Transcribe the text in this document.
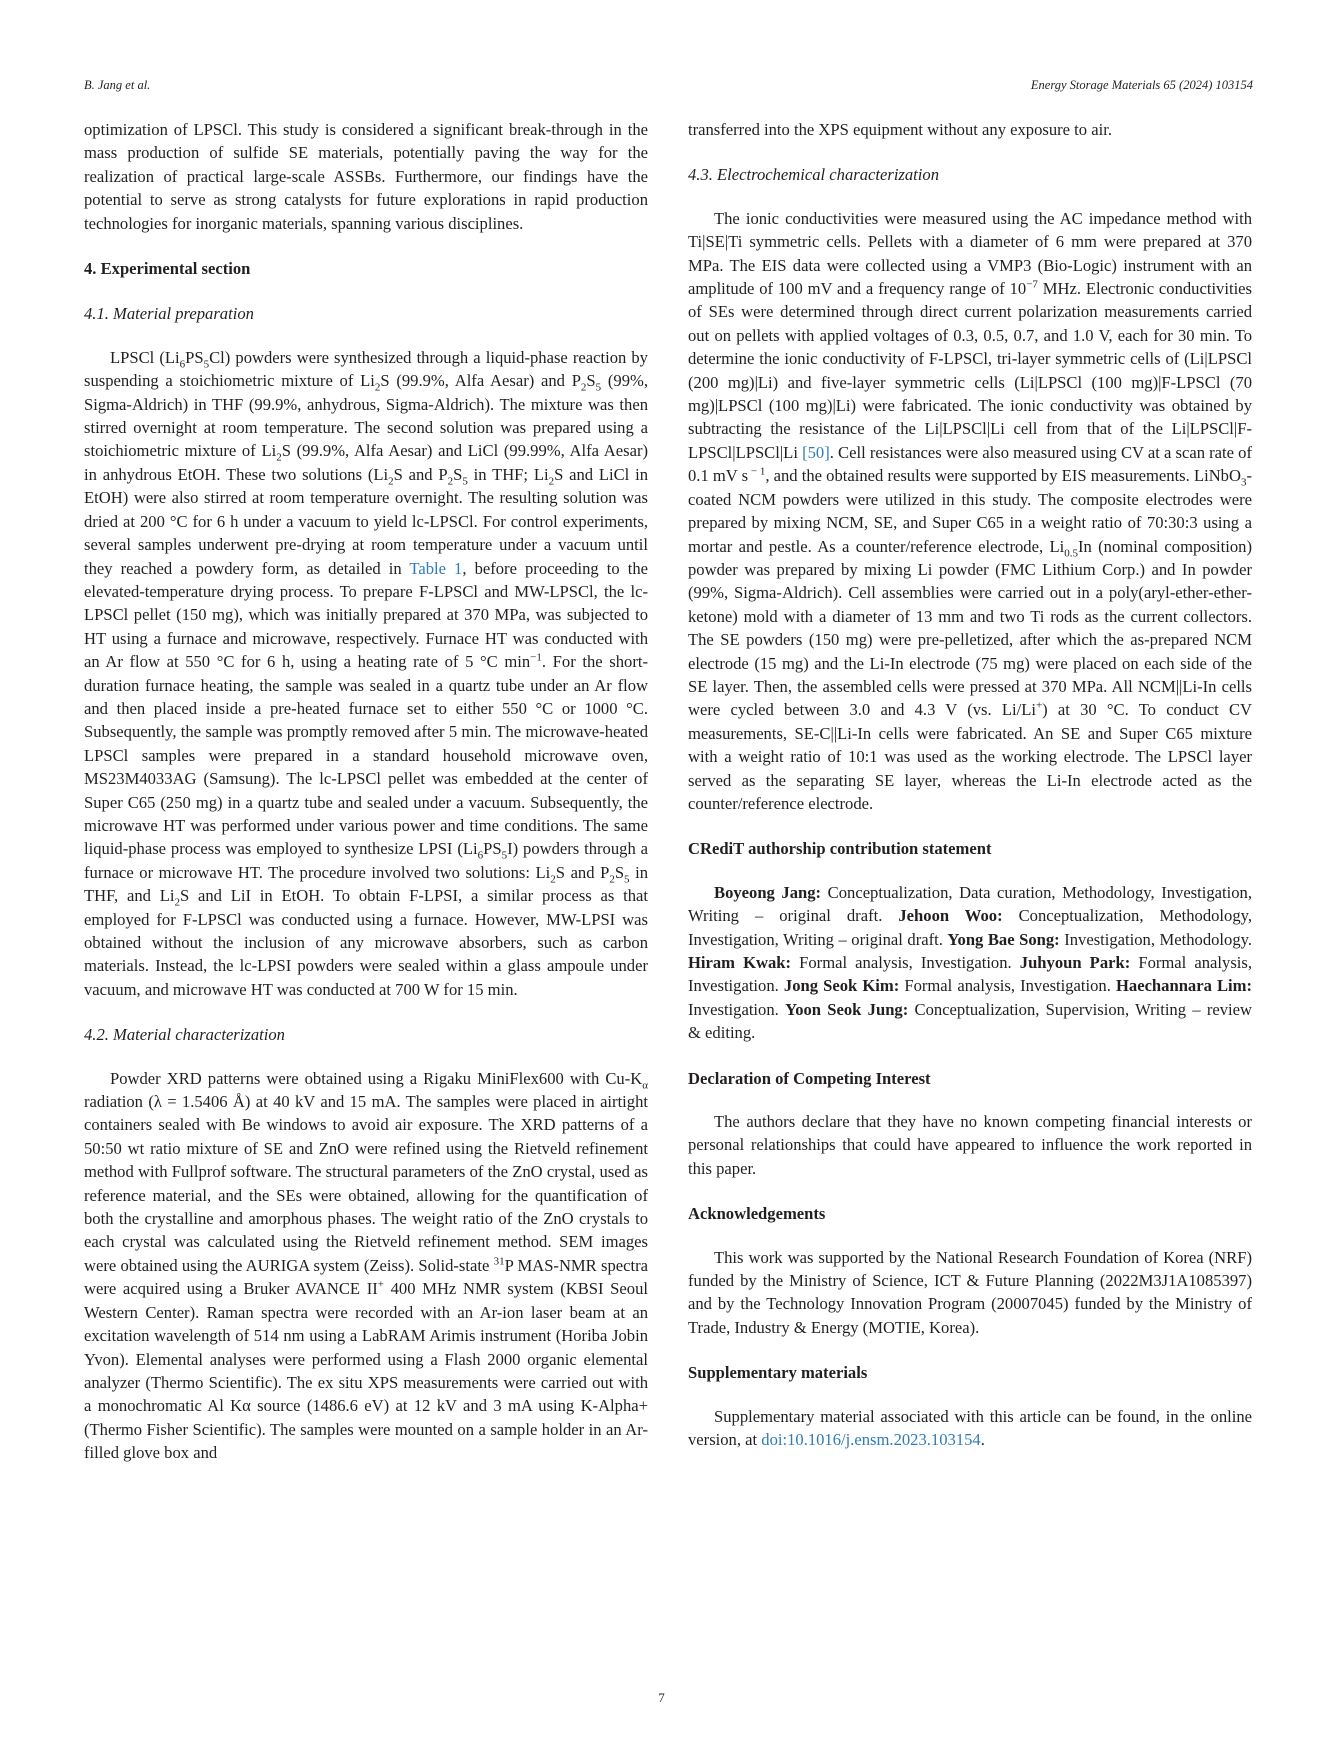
B. Jang et al.	Energy Storage Materials 65 (2024) 103154

optimization of LPSCl. This study is considered a significant break-through in the mass production of sulfide SE materials, potentially paving the way for the realization of practical large-scale ASSBs. Furthermore, our findings have the potential to serve as strong catalysts for future explorations in rapid production technologies for inorganic materials, spanning various disciplines.

4. Experimental section
4.1. Material preparation

LPSCl $(Li_6PS_5Cl)$ powders were synthesized through a liquid-phase reaction by suspending a stoichiometric mixture of $Li_2S$ (99.9%, Alfa Aesar) and $P_2S_5$ (99%, Sigma-Aldrich) in THF (99.9%, anhydrous, Sigma-Aldrich). The mixture was then stirred overnight at room temperature. The second solution was prepared using a stoichiometric mixture of $Li_2S$ (99.9%, Alfa Aesar) and LiCl (99.99%, Alfa Aesar) in anhydrous EtOH. These two solutions ($Li_2S$ and $P_2S_5$ in THF; $Li_2S$ and LiCl in EtOH) were also stirred at room temperature overnight. The resulting solution was dried at 200 °C for 6 h under a vacuum to yield lc-LPSCl. For control experiments, several samples underwent pre-drying at room temperature under a vacuum until they reached a powdery form, as detailed in Table 1, before proceeding to the elevated-temperature drying process. To prepare F-LPSCl and MW-LPSCl, the lc-LPSCl pellet (150 mg), which was initially prepared at 370 MPa, was subjected to HT using a furnace and microwave, respectively. Furnace HT was conducted with an Ar flow at 550 °C for 6 h, using a heating rate of 5 °C $\min^{-1}$. For the short-duration furnace heating, the sample was sealed in a quartz tube under an Ar flow and then placed inside a pre-heated furnace set to either 550 °C or 1000 °C. Subsequently, the sample was promptly removed after 5 min. The microwave-heated LPSCl samples were prepared in a standard household microwave oven, MS23M4033AG (Samsung). The lc-LPSCl pellet was embedded at the center of Super C65 (250 mg) in a quartz tube and sealed under a vacuum. Subsequently, the microwave HT was performed under various power and time conditions. The same liquid-phase process was employed to synthesize LPSI $(Li_6PS_5I)$ powders through a furnace or microwave HT. The procedure involved two solutions: $Li_2S$ and $P_2S_5$ in THF, and $Li_2S$ and LiI in EtOH. To obtain F-LPSI, a similar process as that employed for F-LPSCl was conducted using a furnace. However, MW-LPSI was obtained without the inclusion of any microwave absorbers, such as carbon materials. Instead, the lc-LPSI powders were sealed within a glass ampoule under vacuum, and microwave HT was conducted at 700 W for 15 min.

4.2. Material characterization

Powder XRD patterns were obtained using a Rigaku MiniFlex600 with $Cu-K_\alpha$ radiation (λ = 1.5406 Å) at 40 kV and 15 mA. The samples were placed in airtight containers sealed with Be windows to avoid air exposure. The XRD patterns of a 50:50 wt ratio mixture of SE and ZnO were refined using the Rietveld refinement method with Fullprof software. The structural parameters of the ZnO crystal, used as reference material, and the SEs were obtained, allowing for the quantification of both the crystalline and amorphous phases. The weight ratio of the ZnO crystals to each crystal was calculated using the Rietveld refinement method. SEM images were obtained using the AURIGA system (Zeiss). Solid-state $^{31}$P MAS-NMR spectra were acquired using a Bruker AVANCE II+ 400 MHz NMR system (KBSI Seoul Western Center). Raman spectra were recorded with an Ar-ion laser beam at an excitation wavelength of 514 nm using a LabRAM Arimis instrument (Horiba Jobin Yvon). Elemental analyses were performed using a Flash 2000 organic elemental analyzer (Thermo Scientific). The ex situ XPS measurements were carried out with a monochromatic Al Kα source (1486.6 eV) at 12 kV and 3 mA using K-Alpha+ (Thermo Fisher Scientific). The samples were mounted on a sample holder in an Ar-filled glove box and

transferred into the XPS equipment without any exposure to air.

4.3. Electrochemical characterization

The ionic conductivities were measured using the AC impedance method with Ti|SE|Ti symmetric cells. Pellets with a diameter of 6 mm were prepared at 370 MPa. The EIS data were collected using a VMP3 (Bio-Logic) instrument with an amplitude of 100 mV and a frequency range of $10^{-7}$ MHz. Electronic conductivities of SEs were determined through direct current polarization measurements carried out on pellets with applied voltages of 0.3, 0.5, 0.7, and 1.0 V, each for 30 min. To determine the ionic conductivity of F-LPSCl, tri-layer symmetric cells of (Li|LPSCl (200 mg)|Li) and five-layer symmetric cells (Li|LPSCl (100 mg)|F-LPSCl (70 mg)|LPSCl (100 mg)|Li) were fabricated. The ionic conductivity was obtained by subtracting the resistance of the Li|LPSCl|Li cell from that of the Li|LPSCl|F-LPSCl|LPSCl|Li [50]. Cell resistances were also measured using CV at a scan rate of 0.1 mV s $^{- 1}$, and the obtained results were supported by EIS measurements. LiNbO$_3$-coated NCM powders were utilized in this study. The composite electrodes were prepared by mixing NCM, SE, and Super C65 in a weight ratio of 70:30:3 using a mortar and pestle. As a counter/reference electrode, $Li_{0.5}In$ (nominal composition) powder was prepared by mixing Li powder (FMC Lithium Corp.) and In powder (99%, Sigma-Aldrich). Cell assemblies were carried out in a poly(aryl-ether-ether-ketone) mold with a diameter of 13 mm and two Ti rods as the current collectors. The SE powders (150 mg) were pre-pelletized, after which the as-prepared NCM electrode (15 mg) and the Li-In electrode (75 mg) were placed on each side of the SE layer. Then, the assembled cells were pressed at 370 MPa. All NCM||Li-In cells were cycled between 3.0 and 4.3 V (vs. Li/Li+) at 30 °C. To conduct CV measurements, SE-C||Li-In cells were fabricated. An SE and Super C65 mixture with a weight ratio of 10:1 was used as the working electrode. The LPSCl layer served as the separating SE layer, whereas the Li-In electrode acted as the counter/reference electrode.

CRediT authorship contribution statement

Boyeong Jang: Conceptualization, Data curation, Methodology, Investigation, Writing – original draft. Jehoon Woo: Conceptualization, Methodology, Investigation, Writing – original draft. Yong Bae Song: Investigation, Methodology. Hiram Kwak: Formal analysis, Investigation. Juhyoun Park: Formal analysis, Investigation. Jong Seok Kim: Formal analysis, Investigation. Haechannara Lim: Investigation. Yoon Seok Jung: Conceptualization, Supervision, Writing – review & editing.

Declaration of Competing Interest

The authors declare that they have no known competing financial interests or personal relationships that could have appeared to influence the work reported in this paper.

Acknowledgements

This work was supported by the National Research Foundation of Korea (NRF) funded by the Ministry of Science, ICT & Future Planning (2022M3J1A1085397) and by the Technology Innovation Program (20007045) funded by the Ministry of Trade, Industry & Energy (MOTIE, Korea).

Supplementary materials

Supplementary material associated with this article can be found, in the online version, at doi:10.1016/j.ensm.2023.103154.

7
